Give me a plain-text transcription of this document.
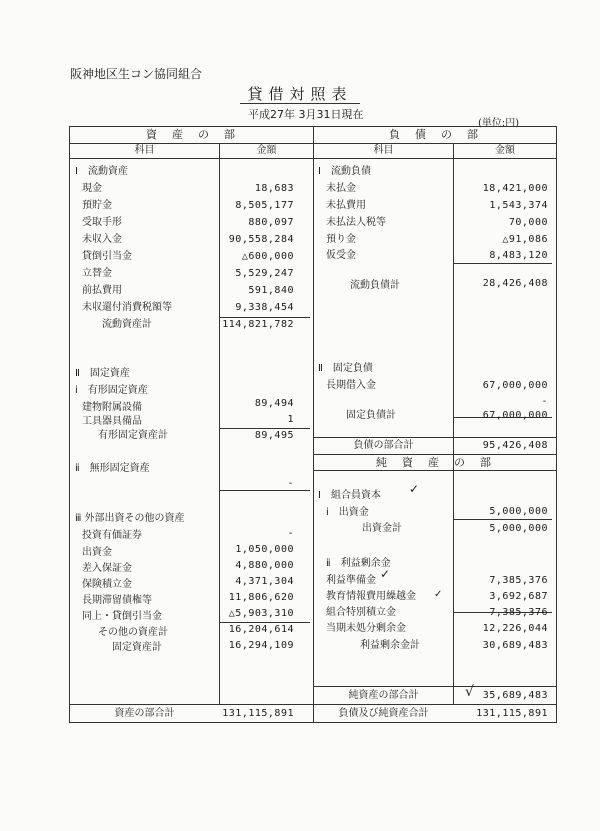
阪神地区生コン協同組合
貸借対照表
平成27年 3月31日現在
(単位:円)
資　産　の　部	負　債　の　部
科目	金額	科目	金額
Ⅰ　流動資産
現金	18,683
預貯金	8,505,177
受取手形	880,097
未収入金	90,558,284
貸倒引当金	△600,000
立替金	5,529,247
前払費用	591,840
未収還付消費税額等	9,338,454
流動資産計	114,821,782
Ⅱ　固定資産
ⅰ　有形固定資産
建物附属設備	89,494
工具器具備品	1
有形固定資産計	89,495
ⅱ　無形固定資産
-
ⅲ 外部出資その他の資産
投資有価証券	-
出資金	1,050,000
差入保証金	4,880,000
保険積立金	4,371,304
長期滞留債権等	11,806,620
同上・貸倒引当金	△5,903,310
その他の資産計	16,204,614
固定資産計	16,294,109
資産の部合計	131,115,891
Ⅰ　流動負債
未払金	18,421,000
未払費用	1,543,374
未払法人税等	70,000
預り金	△91,086
仮受金	8,483,120
流動負債計	28,426,408
Ⅱ　固定負債
長期借入金	67,000,000
-
固定負債計	67,000,000
負債の部合計	95,426,408
純　資　産　の　部
Ⅰ　組合員資本 ✓
ⅰ　出資金	5,000,000
出資金計	5,000,000
ⅱ　利益剰余金
利益準備金 ✓	7,385,376
教育情報費用繰越金 ✓	3,692,687
組合特別積立金	7,385,376
当期未処分剰余金	12,226,044
利益剰余金計	30,689,483
純資産の部合計	√ 35,689,483
負債及び純資産合計	131,115,891
